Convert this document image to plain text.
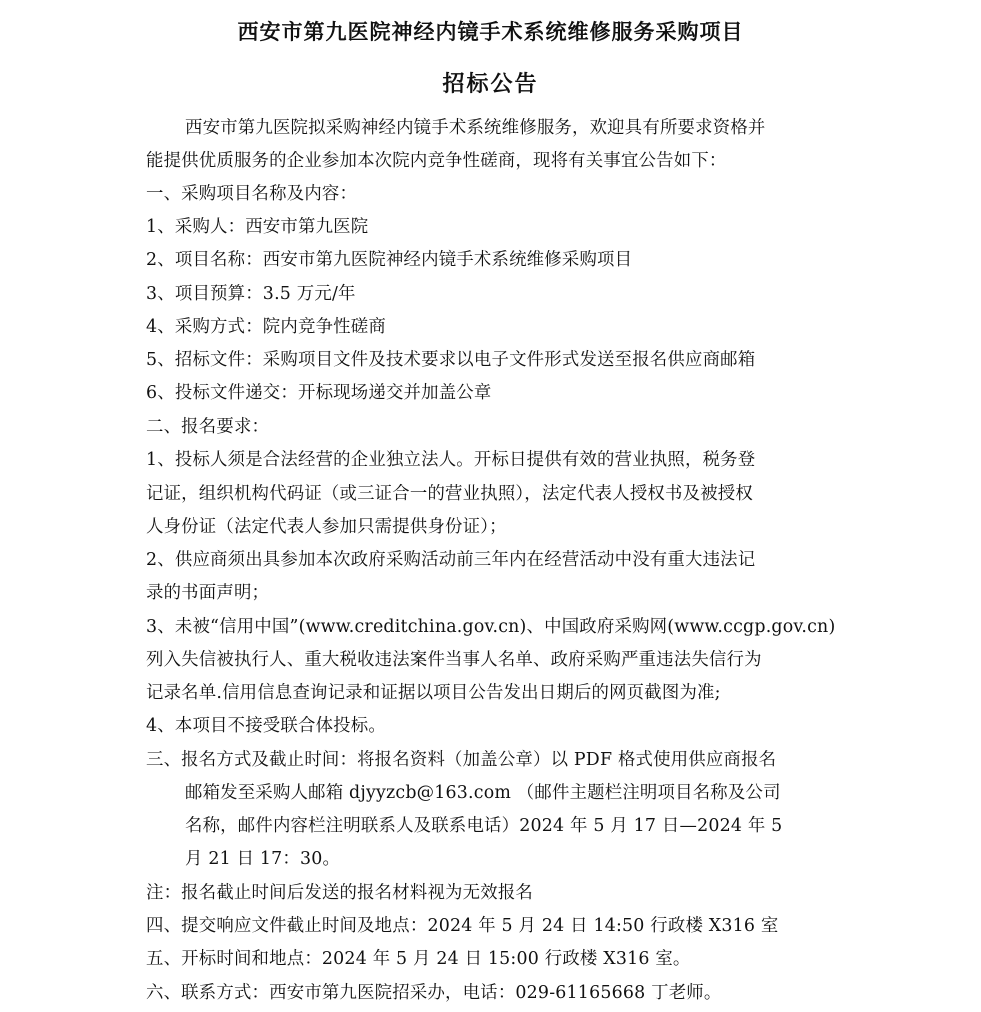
西安市第九医院神经内镜手术系统维修服务采购项目
招标公告
西安市第九医院拟采购神经内镜手术系统维修服务，欢迎具有所要求资格并
能提供优质服务的企业参加本次院内竞争性磋商，现将有关事宜公告如下：
一、采购项目名称及内容：
1、采购人：西安市第九医院
2、项目名称：西安市第九医院神经内镜手术系统维修采购项目
3、项目预算：3.5 万元/年
4、采购方式：院内竞争性磋商
5、招标文件：采购项目文件及技术要求以电子文件形式发送至报名供应商邮箱
6、投标文件递交：开标现场递交并加盖公章
二、报名要求：
1、投标人须是合法经营的企业独立法人。开标日提供有效的营业执照，税务登
记证，组织机构代码证（或三证合一的营业执照），法定代表人授权书及被授权
人身份证（法定代表人参加只需提供身份证）；
2、供应商须出具参加本次政府采购活动前三年内在经营活动中没有重大违法记
录的书面声明；
3、未被“信用中国”(www.creditchina.gov.cn)、中国政府采购网(www.ccgp.gov.cn)
列入失信被执行人、重大税收违法案件当事人名单、政府采购严重违法失信行为
记录名单.信用信息查询记录和证据以项目公告发出日期后的网页截图为准;
4、本项目不接受联合体投标。
三、报名方式及截止时间：将报名资料（加盖公章）以 PDF 格式使用供应商报名
邮箱发至采购人邮箱 djyyzcb@163.com （邮件主题栏注明项目名称及公司
名称，邮件内容栏注明联系人及联系电话）2024 年 5 月 17 日—2024 年 5
月 21 日 17：30。
注：报名截止时间后发送的报名材料视为无效报名
四、提交响应文件截止时间及地点：2024 年 5 月 24 日 14:50 行政楼 X316 室
五、开标时间和地点：2024 年 5 月 24 日 15:00 行政楼 X316 室。
六、联系方式：西安市第九医院招采办，电话：029-61165668 丁老师。
